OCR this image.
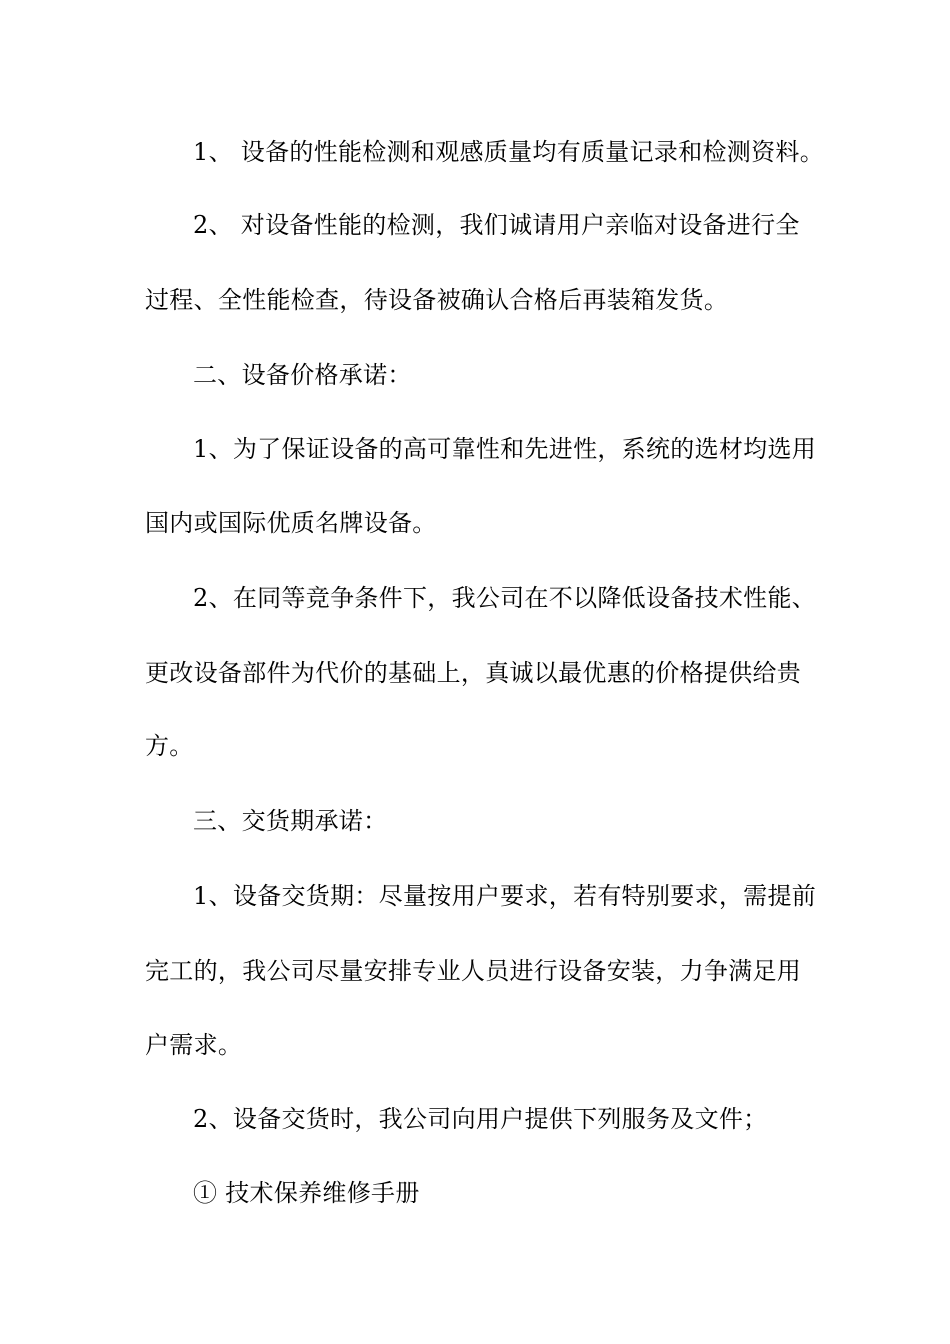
1、 设备的性能检测和观感质量均有质量记录和检测资料。
2、 对设备性能的检测，我们诚请用户亲临对设备进行全
过程、全性能检查，待设备被确认合格后再装箱发货。
二、设备价格承诺：
1、为了保证设备的高可靠性和先进性，系统的选材均选用
国内或国际优质名牌设备。
2、在同等竞争条件下，我公司在不以降低设备技术性能、
更改设备部件为代价的基础上，真诚以最优惠的价格提供给贵
方。
三、交货期承诺：
1、设备交货期：尽量按用户要求，若有特别要求，需提前
完工的，我公司尽量安排专业人员进行设备安装，力争满足用
户需求。
2、设备交货时，我公司向用户提供下列服务及文件；
① 技术保养维修手册
